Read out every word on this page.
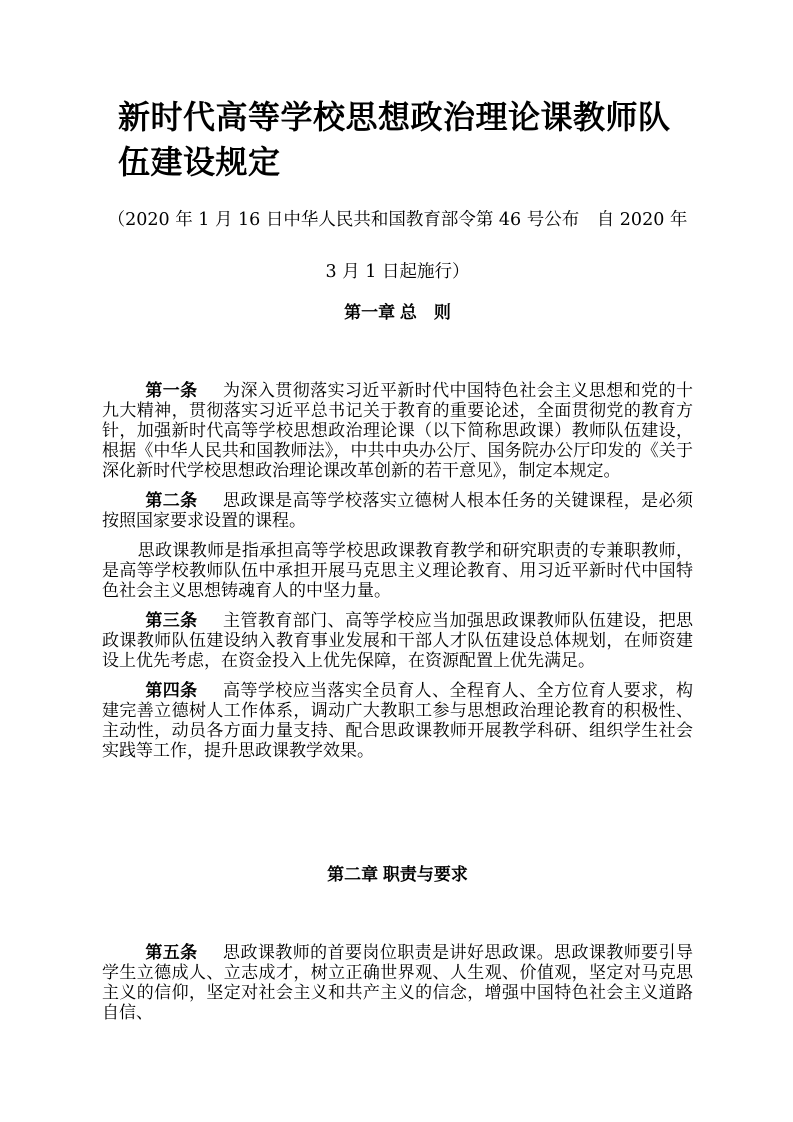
新时代高等学校思想政治理论课教师队伍建设规定
（2020 年 1 月 16 日中华人民共和国教育部令第 46 号公布　自 2020 年
3 月 1 日起施行）
第一章 总　则

第一条 为深入贯彻落实习近平新时代中国特色社会主义思想和党的十九大精神，贯彻落实习近平总书记关于教育的重要论述，全面贯彻党的教育方针，加强新时代高等学校思想政治理论课（以下简称思政课）教师队伍建设，根据《中华人民共和国教师法》，中共中央办公厅、国务院办公厅印发的《关于深化新时代学校思想政治理论课改革创新的若干意见》，制定本规定。

第二条 思政课是高等学校落实立德树人根本任务的关键课程，是必须按照国家要求设置的课程。

思政课教师是指承担高等学校思政课教育教学和研究职责的专兼职教师，是高等学校教师队伍中承担开展马克思主义理论教育、用习近平新时代中国特色社会主义思想铸魂育人的中坚力量。

第三条 主管教育部门、高等学校应当加强思政课教师队伍建设，把思政课教师队伍建设纳入教育事业发展和干部人才队伍建设总体规划，在师资建设上优先考虑，在资金投入上优先保障，在资源配置上优先满足。

第四条 高等学校应当落实全员育人、全程育人、全方位育人要求，构建完善立德树人工作体系，调动广大教职工参与思想政治理论教育的积极性、主动性，动员各方面力量支持、配合思政课教师开展教学科研、组织学生社会实践等工作，提升思政课教学效果。

第二章 职责与要求

第五条 思政课教师的首要岗位职责是讲好思政课。思政课教师要引导学生立德成人、立志成才，树立正确世界观、人生观、价值观，坚定对马克思主义的信仰，坚定对社会主义和共产主义的信念，增强中国特色社会主义道路自信、
